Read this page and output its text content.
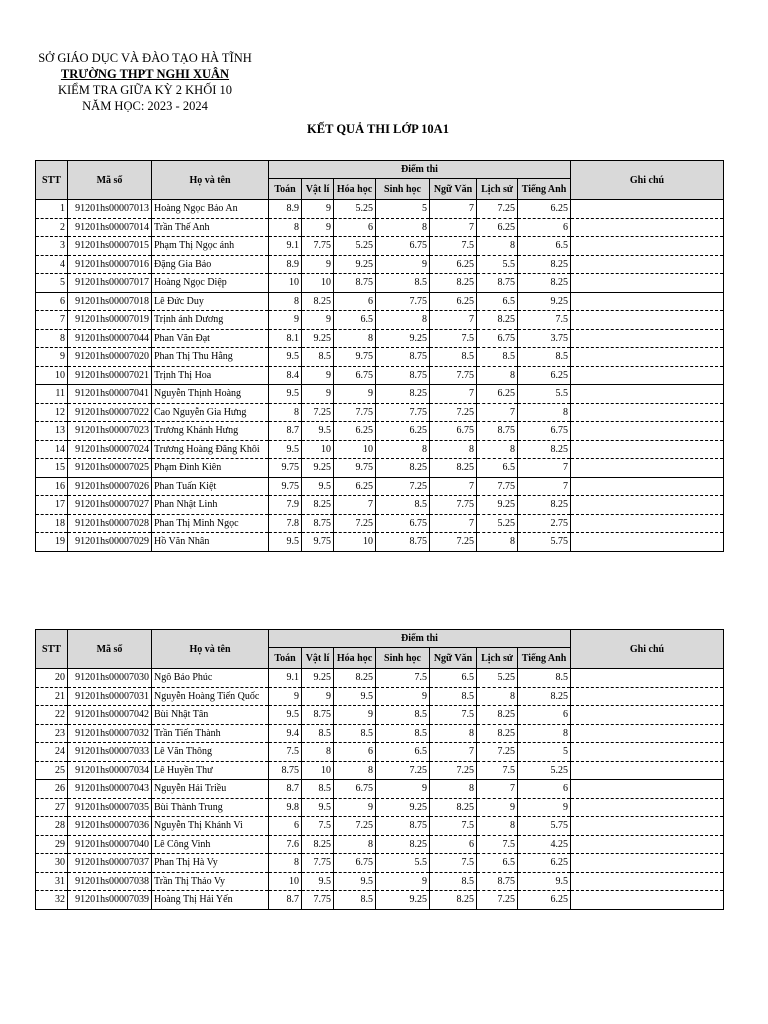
SỞ GIÁO DỤC VÀ ĐÀO TẠO HÀ TĨNH
TRƯỜNG THPT NGHI XUÂN
KIỂM TRA GIỮA KỲ 2 KHỐI 10
NĂM HỌC: 2023 - 2024
KẾT QUẢ THI LỚP 10A1
STT	Mã số	Họ và tên	Điểm thi							Ghi chú
			Toán	Vật lí	Hóa học	Sinh học	Ngữ Văn	Lịch sử	Tiếng Anh	
1	91201hs00007013	Hoàng Ngọc Bảo An	8.9	9	5.25	5	7	7.25	6.25	
2	91201hs00007014	Trần Thế Anh	8	9	6	8	7	6.25	6	
3	91201hs00007015	Phạm Thị Ngọc ánh	9.1	7.75	5.25	6.75	7.5	8	6.5	
4	91201hs00007016	Đặng Gia Bảo	8.9	9	9.25	9	6.25	5.5	8.25	
5	91201hs00007017	Hoàng Ngọc Diệp	10	10	8.75	8.5	8.25	8.75	8.25	
6	91201hs00007018	Lê Đức Duy	8	8.25	6	7.75	6.25	6.5	9.25	
7	91201hs00007019	Trịnh ánh Dương	9	9	6.5	8	7	8.25	7.5	
8	91201hs00007044	Phan Văn Đạt	8.1	9.25	8	9.25	7.5	6.75	3.75	
9	91201hs00007020	Phan Thị Thu Hằng	9.5	8.5	9.75	8.75	8.5	8.5	8.5	
10	91201hs00007021	Trịnh Thị Hoa	8.4	9	6.75	8.75	7.75	8	6.25	
11	91201hs00007041	Nguyễn Thịnh Hoàng	9.5	9	9	8.25	7	6.25	5.5	
12	91201hs00007022	Cao Nguyễn Gia Hưng	8	7.25	7.75	7.75	7.25	7	8	
13	91201hs00007023	Trương Khánh Hưng	8.7	9.5	6.25	6.25	6.75	8.75	6.75	
14	91201hs00007024	Trương Hoàng Đăng Khôi	9.5	10	10	8	8	8	8.25	
15	91201hs00007025	Phạm Đình Kiên	9.75	9.25	9.75	8.25	8.25	6.5	7	
16	91201hs00007026	Phan Tuấn Kiệt	9.75	9.5	6.25	7.25	7	7.75	7	
17	91201hs00007027	Phan Nhật Linh	7.9	8.25	7	8.5	7.75	9.25	8.25	
18	91201hs00007028	Phan Thị Minh Ngọc	7.8	8.75	7.25	6.75	7	5.25	2.75	
19	91201hs00007029	Hồ Văn Nhân	9.5	9.75	10	8.75	7.25	8	5.75	
STT	Mã số	Họ và tên	Điểm thi							Ghi chú
			Toán	Vật lí	Hóa học	Sinh học	Ngữ Văn	Lịch sử	Tiếng Anh	
20	91201hs00007030	Ngô Bảo Phúc	9.1	9.25	8.25	7.5	6.5	5.25	8.5	
21	91201hs00007031	Nguyễn Hoàng Tiến Quốc	9	9	9.5	9	8.5	8	8.25	
22	91201hs00007042	Bùi Nhật Tân	9.5	8.75	9	8.5	7.5	8.25	6	
23	91201hs00007032	Trần Tiến Thành	9.4	8.5	8.5	8.5	8	8.25	8	
24	91201hs00007033	Lê Văn Thông	7.5	8	6	6.5	7	7.25	5	
25	91201hs00007034	Lê Huyền Thư	8.75	10	8	7.25	7.25	7.5	5.25	
26	91201hs00007043	Nguyễn Hải Triều	8.7	8.5	6.75	9	8	7	6	
27	91201hs00007035	Bùi Thành Trung	9.8	9.5	9	9.25	8.25	9	9	
28	91201hs00007036	Nguyễn Thị Khánh Vi	6	7.5	7.25	8.75	7.5	8	5.75	
29	91201hs00007040	Lê Công Vinh	7.6	8.25	8	8.25	6	7.5	4.25	
30	91201hs00007037	Phan Thị Hà Vy	8	7.75	6.75	5.5	7.5	6.5	6.25	
31	91201hs00007038	Trần Thị Thảo Vy	10	9.5	9.5	9	8.5	8.75	9.5	
32	91201hs00007039	Hoàng Thị Hải Yến	8.7	7.75	8.5	9.25	8.25	7.25	6.25	
